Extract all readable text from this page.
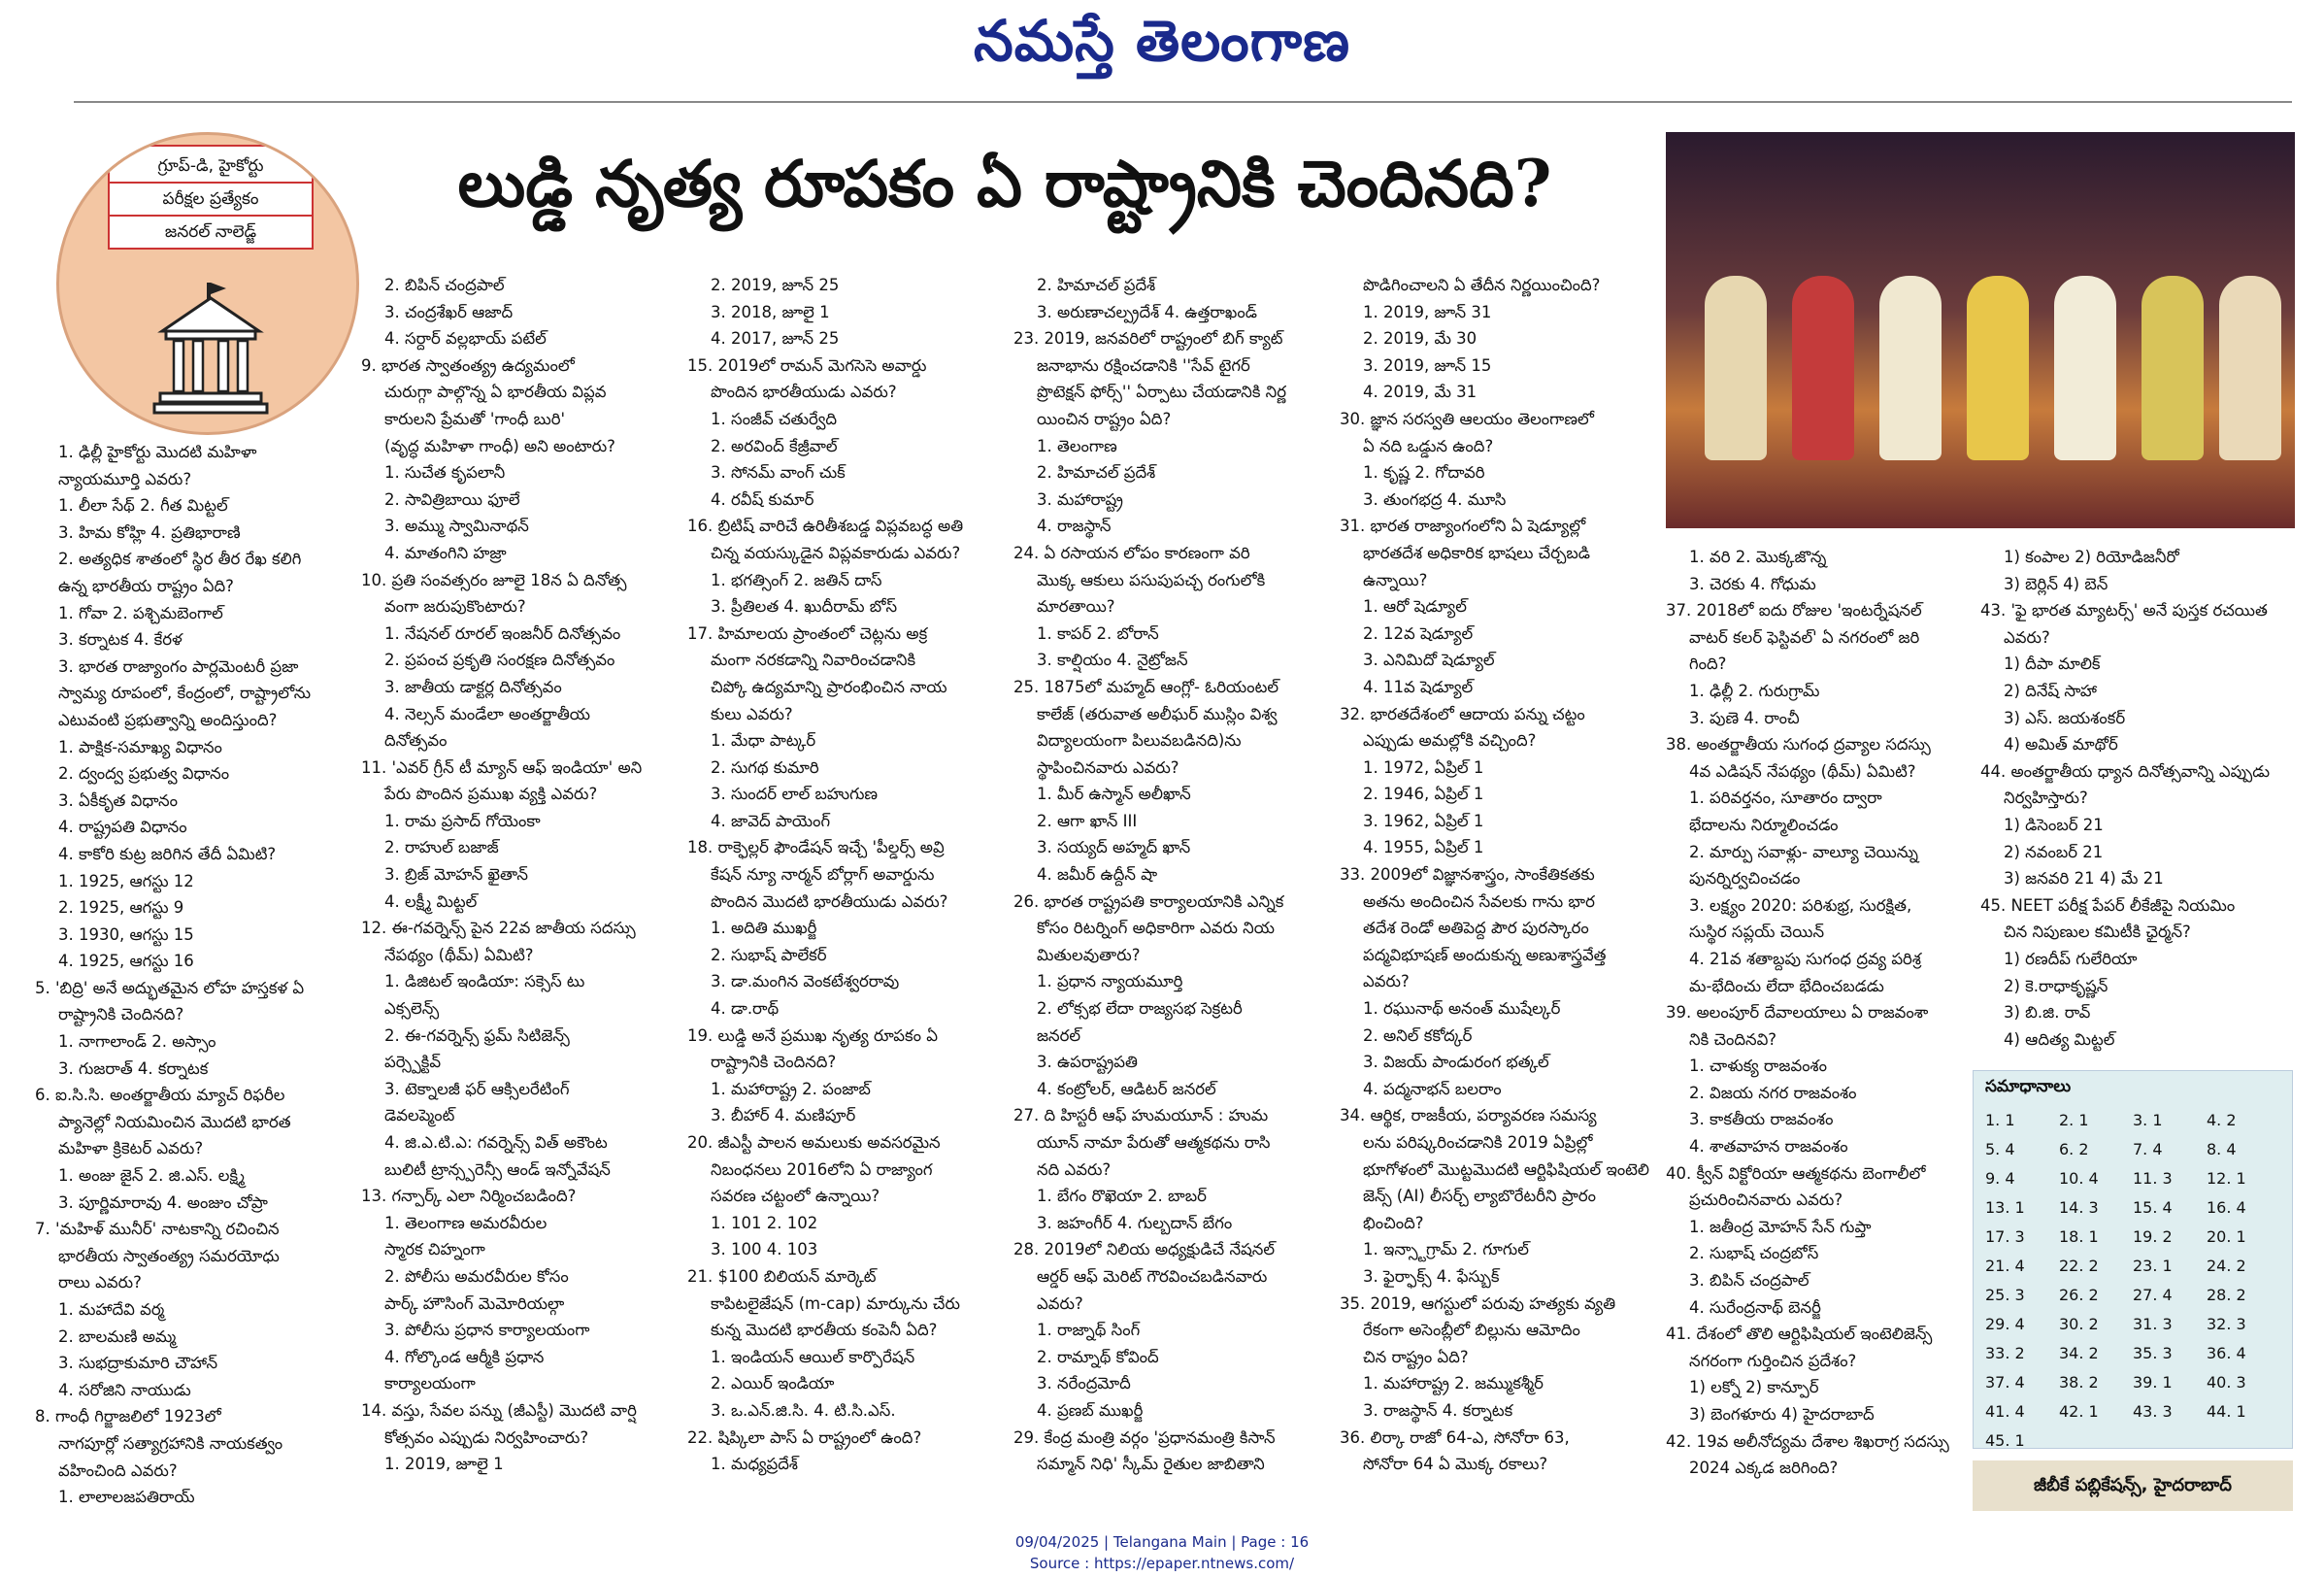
నమస్తే తెలంగాణ
గ్రూప్-డి, హైకోర్టు
పరీక్షల ప్రత్యేకం
జనరల్ నాలెడ్జ్
లుడ్డి నృత్య రూపకం ఏ రాష్ట్రానికి చెందినది?
1. ఢిల్లీ హైకోర్టు మొదటి మహిళా
న్యాయమూర్తి ఎవరు?
1. లీలా సేథ్ 2. గీత మిట్టల్
3. హిమ కోహ్లి 4. ప్రతిభారాణి
2. అత్యధిక శాతంలో స్థిర తీర రేఖ కలిగి
ఉన్న భారతీయ రాష్ట్రం ఏది?
1. గోవా 2. పశ్చిమబెంగాల్
3. కర్నాటక 4. కేరళ
3. భారత రాజ్యాంగం పార్లమెంటరీ ప్రజా
స్వామ్య రూపంలో, కేంద్రంలో, రాష్ట్రాలోను
ఎటువంటి ప్రభుత్వాన్ని అందిస్తుంది?
1. పాక్షిక-సమాఖ్య విధానం
2. ద్వంద్వ ప్రభుత్వ విధానం
3. ఏకీకృత విధానం
4. రాష్ట్రపతి విధానం
4. కాకోరి కుట్ర జరిగిన తేదీ ఏమిటి?
1. 1925, ఆగస్టు 12
2. 1925, ఆగస్టు 9
3. 1930, ఆగస్టు 15
4. 1925, ఆగస్టు 16
5. 'బిద్రి' అనే అద్భుతమైన లోహ హస్తకళ ఏ
రాష్ట్రానికి చెందినది?
1. నాగాలాండ్ 2. అస్సాం
3. గుజరాత్ 4. కర్నాటక
6. ఐ.సి.సి. అంతర్జాతీయ మ్యాచ్ రిఫరీల
ప్యానెల్లో నియమించిన మొదటి భారత
మహిళా క్రికెటర్ ఎవరు?
1. అంజు జైన్ 2. జి.ఎస్. లక్ష్మి
3. పూర్ణిమారావు 4. అంజుం చోప్రా
7. 'మహిళ్ మునీర్' నాటకాన్ని రచించిన
భారతీయ స్వాతంత్య్ర సమరయోధు
రాలు ఎవరు?
1. మహాదేవి వర్మ
2. బాలమణి అమ్మ
3. సుభద్రాకుమారి చౌహాన్
4. సరోజిని నాయుడు
8. గాంధీ గిర్జాజలిలో 1923లో
నాగపూర్లో సత్యాగ్రహానికి నాయకత్వం
వహించింది ఎవరు?
1. లాలాలజపతిరాయ్
2. బిపిన్ చంద్రపాల్
3. చంద్రశేఖర్ ఆజాద్
4. సర్దార్ వల్లభాయ్ పటేల్
9. భారత స్వాతంత్య్ర ఉద్యమంలో
చురుగ్గా పాల్గొన్న ఏ భారతీయ విప్లవ
కారులని ప్రేమతో 'గాంధీ బురి'
(వృద్ధ మహిళా గాంధీ) అని అంటారు?
1. సుచేత కృపలానీ
2. సావిత్రిబాయి ఫూలే
3. అమ్ము స్వామినాథన్
4. మాతంగిని హజ్రా
10. ప్రతి సంవత్సరం జూలై 18న ఏ దినోత్స
వంగా జరుపుకొంటారు?
1. నేషనల్ రూరల్ ఇంజనీర్ దినోత్సవం
2. ప్రపంచ ప్రకృతి సంరక్షణ దినోత్సవం
3. జాతీయ డాక్టర్ల దినోత్సవం
4. నెల్సన్ మండేలా అంతర్జాతీయ
దినోత్సవం
11. 'ఎవర్ గ్రీన్ టీ మ్యాన్ ఆఫ్ ఇండియా' అని
పేరు పొందిన ప్రముఖ వ్యక్తి ఎవరు?
1. రామ ప్రసాద్ గోయెంకా
2. రాహుల్ బజాజ్
3. బ్రిజ్ మోహన్ ఖైతాన్
4. లక్ష్మీ మిట్టల్
12. ఈ-గవర్నెన్స్ పైన 22వ జాతీయ సదస్సు
నేపథ్యం (థీమ్) ఏమిటి?
1. డిజిటల్ ఇండియా: సక్సెస్ టు
ఎక్సలెన్స్
2. ఈ-గవర్నెన్స్ ఫ్రమ్ సిటిజెన్స్
పర్స్పెక్టివ్
3. టెక్నాలజీ ఫర్ ఆక్సిలరేటింగ్
డెవలప్మెంట్
4. జి.ఎ.టి.ఎ: గవర్నెన్స్ విత్ అకౌంట
బులిటీ ట్రాన్స్పరెన్సీ ఆండ్ ఇన్నోవేషన్
13. గన్పార్క్ ఎలా నిర్మించబడింది?
1. తెలంగాణ అమరవీరుల
స్మారక చిహ్నంగా
2. పోలీసు అమరవీరుల కోసం
పార్క్ హౌసింగ్ మెమోరియల్గా
3. పోలీసు ప్రధాన కార్యాలయంగా
4. గోల్కొండ ఆర్మీకి ప్రధాన
కార్యాలయంగా
14. వస్తు, సేవల పన్ను (జీఎస్టీ) మొదటి వార్షి
కోత్సవం ఎప్పుడు నిర్వహించారు?
1. 2019, జూలై 1
2. 2019, జూన్ 25
3. 2018, జూలై 1
4. 2017, జూన్ 25
15. 2019లో రామన్ మెగసెసె అవార్డు
పొందిన భారతీయుడు ఎవరు?
1. సంజీవ్ చతుర్వేది
2. అరవింద్ కేజ్రీవాల్
3. సోనమ్ వాంగ్ చుక్
4. రవీష్ కుమార్
16. బ్రిటిష్ వారిచే ఉరితీశబడ్డ విప్లవబద్ధ అతి
చిన్న వయస్కుడైన విప్లవకారుడు ఎవరు?
1. భగత్సింగ్ 2. జతిన్ దాస్
3. ప్రీతిలత 4. ఖుదీరామ్ బోస్
17. హిమాలయ ప్రాంతంలో చెట్లను అక్ర
మంగా నరకడాన్ని నివారించడానికి
చిప్కో ఉద్యమాన్ని ప్రారంభించిన నాయ
కులు ఎవరు?
1. మేధా పాట్కర్
2. సుగథ కుమారి
3. సుందర్ లాల్ బహుగుణ
4. జావెద్ పాయెంగ్
18. రాక్ఫెల్లర్ ఫౌండేషన్ ఇచ్చే 'పీల్డర్స్ అవ్రి
కేషన్ న్యూ నార్మన్ బోర్లాగ్ అవార్డును
పొందిన మొదటి భారతీయుడు ఎవరు?
1. అదితి ముఖర్జీ
2. సుభాష్ పాలేకర్
3. డా.మంగిన వెంకటేశ్వరరావు
4. డా.రాథ్
19. లుడ్డి అనే ప్రముఖ నృత్య రూపకం ఏ
రాష్ట్రానికి చెందినది?
1. మహారాష్ట్ర 2. పంజాబ్
3. బీహార్ 4. మణిపూర్
20. జీఎస్టీ పాలన అమలుకు అవసరమైన
నిబంధనలు 2016లోని ఏ రాజ్యాంగ
సవరణ చట్టంలో ఉన్నాయి?
1. 101 2. 102
3. 100 4. 103
21. $100 బిలియన్ మార్కెట్
కాపిటలైజేషన్ (m-cap) మార్కును చేరు
కున్న మొదటి భారతీయ కంపెనీ ఏది?
1. ఇండియన్ ఆయిల్ కార్పొరేషన్
2. ఎయిర్ ఇండియా
3. ఒ.ఎన్.జి.సి. 4. టి.సి.ఎస్.
22. షిప్కిలా పాస్ ఏ రాష్ట్రంలో ఉంది?
1. మధ్యప్రదేశ్
2. హిమాచల్ ప్రదేశ్
3. అరుణాచల్ప్రదేశ్ 4. ఉత్తరాఖండ్
23. 2019, జనవరిలో రాష్ట్రంలో బిగ్ క్యాట్
జనాభాను రక్షించడానికి ''సేవ్ టైగర్
ప్రొటెక్షన్ ఫోర్స్'' ఏర్పాటు చేయడానికి నిర్ణ
యించిన రాష్ట్రం ఏది?
1. తెలంగాణ
2. హిమాచల్ ప్రదేశ్
3. మహారాష్ట్ర
4. రాజస్థాన్
24. ఏ రసాయన లోపం కారణంగా వరి
మొక్క ఆకులు పసుపుపచ్చ రంగులోకి
మారతాయి?
1. కాపర్ 2. బోరాన్
3. కాల్షియం 4. నైట్రోజన్
25. 1875లో మహ్మద్ ఆంగ్లో- ఓరియంటల్
కాలేజ్ (తరువాత అలీఘర్ ముస్లిం విశ్వ
విద్యాలయంగా పిలువబడినది)ను
స్థాపించినవారు ఎవరు?
1. మీర్ ఉస్మాన్ అలీఖాన్
2. ఆగా ఖాన్ III
3. సయ్యద్ అహ్మద్ ఖాన్
4. జమీర్ ఉద్దీన్ షా
26. భారత రాష్ట్రపతి కార్యాలయానికి ఎన్నిక
కోసం రిటర్నింగ్ అధికారిగా ఎవరు నియ
మితులవుతారు?
1. ప్రధాన న్యాయమూర్తి
2. లోక్సభ లేదా రాజ్యసభ సెక్రటరీ
జనరల్
3. ఉపరాష్ట్రపతి
4. కంట్రోలర్, ఆడిటర్ జనరల్
27. ది హిస్టరీ ఆఫ్ హుమయూన్ : హుమ
యూన్ నామా పేరుతో ఆత్మకథను రాసి
నది ఎవరు?
1. బేగం రొఖెయా 2. బాబర్
3. జహంగీర్ 4. గుల్బదాన్ బేగం
28. 2019లో నిలియ అధ్యక్షుడిచే నేషనల్
ఆర్డర్ ఆఫ్ మెరిట్ గౌరవించబడినవారు
ఎవరు?
1. రాజ్నాథ్ సింగ్
2. రామ్నాథ్ కోవింద్
3. నరేంద్రమోదీ
4. ప్రణబ్ ముఖర్జీ
29. కేంద్ర మంత్రి వర్గం 'ప్రధానమంత్రి కిసాన్
సమ్మాన్ నిధి' స్కీమ్ రైతుల జాబితాని
పొడిగించాలని ఏ తేదీన నిర్ణయించింది?
1. 2019, జూన్ 31
2. 2019, మే 30
3. 2019, జూన్ 15
4. 2019, మే 31
30. జ్ఞాన సరస్వతి ఆలయం తెలంగాణలో
ఏ నది ఒడ్డున ఉంది?
1. కృష్ణ 2. గోదావరి
3. తుంగభద్ర 4. మూసి
31. భారత రాజ్యాంగంలోని ఏ షెడ్యూల్లో
భారతదేశ అధికారిక భాషలు చేర్చబడి
ఉన్నాయి?
1. ఆరో షెడ్యూల్
2. 12వ షెడ్యూల్
3. ఎనిమిదో షెడ్యూల్
4. 11వ షెడ్యూల్
32. భారతదేశంలో ఆదాయ పన్ను చట్టం
ఎప్పుడు అమల్లోకి వచ్చింది?
1. 1972, ఏప్రిల్ 1
2. 1946, ఏప్రిల్ 1
3. 1962, ఏప్రిల్ 1
4. 1955, ఏప్రిల్ 1
33. 2009లో విజ్ఞానశాస్త్రం, సాంకేతికతకు
అతను అందించిన సేవలకు గాను భార
తదేశ రెండో అతిపెద్ద పౌర పురస్కారం
పద్మవిభూషణ్ అందుకున్న అణుశాస్త్రవేత్త
ఎవరు?
1. రఘునాథ్ అనంత్ ముషేల్కర్
2. అనిల్ కకోద్కర్
3. విజయ్ పాండురంగ భత్కల్
4. పద్మనాభన్ బలరాం
34. ఆర్థిక, రాజకీయ, పర్యావరణ సమస్య
లను పరిష్కరించడానికి 2019 ఏప్రిల్లో
భూగోళంలో మొట్టమొదటి ఆర్టిఫిషియల్ ఇంటెలి
జెన్స్ (AI) లీసర్చ్ ల్యాబొరేటరీని ప్రారం
భించింది?
1. ఇన్స్టాగ్రామ్ 2. గూగుల్
3. ఫైర్ఫాక్స్ 4. ఫేస్బుక్
35. 2019, ఆగస్టులో పరువు హత్యకు వ్యతి
రేకంగా అసెంబ్లీలో బిల్లును ఆమోదిం
చిన రాష్ట్రం ఏది?
1. మహారాష్ట్ర 2. జమ్ముకశ్మీర్
3. రాజస్థాన్ 4. కర్నాటక
36. లిర్కా రాజో 64-ఎ, సోనోరా 63,
సోనోరా 64 ఏ మొక్క రకాలు?
1. వరి 2. మొక్కజొన్న
3. చెరకు 4. గోధుమ
37. 2018లో ఐదు రోజుల 'ఇంటర్నేషనల్
వాటర్ కలర్ ఫెస్టివల్' ఏ నగరంలో జరి
గింది?
1. ఢిల్లీ 2. గురుగ్రామ్
3. పుణె 4. రాంచీ
38. అంతర్జాతీయ సుగంధ ద్రవ్యాల సదస్సు
4వ ఎడిషన్ నేపథ్యం (థీమ్) ఏమిటి?
1. పరివర్తనం, సూతారం ద్వారా
భేదాలను నిర్మూలించడం
2. మార్పు సవాళ్లు- వాల్యూ చెయిన్ను
పునర్నిర్వచించడం
3. లక్ష్యం 2020: పరిశుభ్ర, సురక్షిత,
సుస్థిర సప్లయ్ చెయిన్
4. 21వ శతాబ్దపు సుగంధ ద్రవ్య పరిశ్ర
మ-భేదించు లేదా భేదించబడడు
39. అలంపూర్ దేవాలయాలు ఏ రాజవంశా
నికి చెందినవి?
1. చాళుక్య రాజవంశం
2. విజయ నగర రాజవంశం
3. కాకతీయ రాజవంశం
4. శాతవాహన రాజవంశం
40. క్వీన్ విక్టోరియా ఆత్మకథను బెంగాలీలో
ప్రచురించినవారు ఎవరు?
1. జతీంద్ర మోహన్ సేన్ గుప్తా
2. సుభాష్ చంద్రబోస్
3. బిపిన్ చంద్రపాల్
4. సురేంద్రనాథ్ బెనర్జీ
41. దేశంలో తొలి ఆర్టిఫిషియల్ ఇంటెలిజెన్స్
నగరంగా గుర్తించిన ప్రదేశం?
1) లక్నో 2) కాన్పూర్
3) బెంగళూరు 4) హైదరాబాద్
42. 19వ అలీనోద్యమ దేశాల శిఖరాగ్ర సదస్సు
2024 ఎక్కడ జరిగింది?
1) కంపాల 2) రియోడిజనీరో
3) బెర్లిన్ 4) బెన్
43. 'ఫై భారత మ్యాటర్స్' అనే పుస్తక రచయిత
ఎవరు?
1) దీపా మాలిక్
2) దినేష్ సాహా
3) ఎస్. జయశంకర్
4) అమిత్ మాథోర్
44. అంతర్జాతీయ ధ్యాన దినోత్సవాన్ని ఎప్పుడు
నిర్వహిస్తారు?
1) డిసెంబర్ 21
2) నవంబర్ 21
3) జనవరి 21 4) మే 21
45. NEET పరీక్ష పేపర్ లీకేజీపై నియమిం
చిన నిపుణుల కమిటీకి ఛైర్మన్?
1) రణదీప్ గులేరియా
2) కె.రాధాకృష్ణన్
3) బి.జి. రావ్
4) ఆదిత్య మిట్టల్
సమాధానాలు
1. 1	2. 1	3. 1	4. 2
5. 4	6. 2	7. 4	8. 4
9. 4	10. 4	11. 3	12. 1
13. 1	14. 3	15. 4	16. 4
17. 3	18. 1	19. 2	20. 1
21. 4	22. 2	23. 1	24. 2
25. 3	26. 2	27. 4	28. 2
29. 4	30. 2	31. 3	32. 3
33. 2	34. 2	35. 3	36. 4
37. 4	38. 2	39. 1	40. 3
41. 4	42. 1	43. 3	44. 1
45. 1
జీబీకే పబ్లికేషన్స్, హైదరాబాద్
09/04/2025 | Telangana Main | Page : 16
Source : https://epaper.ntnews.com/
